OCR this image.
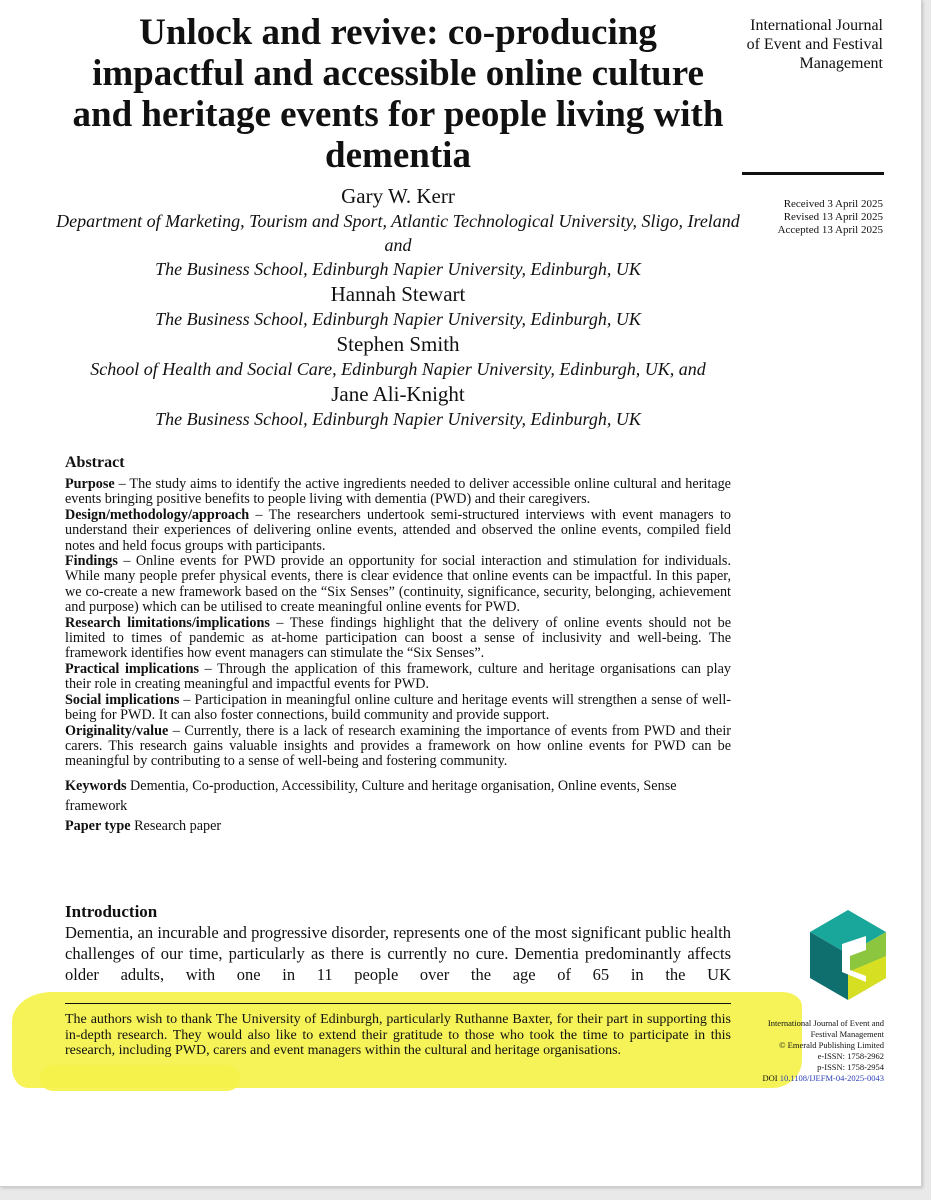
Unlock and revive: co-producing impactful and accessible online culture and heritage events for people living with dementia
International Journal of Event and Festival Management
Received 3 April 2025
Revised 13 April 2025
Accepted 13 April 2025
Gary W. Kerr
Department of Marketing, Tourism and Sport, Atlantic Technological University, Sligo, Ireland and
The Business School, Edinburgh Napier University, Edinburgh, UK
Hannah Stewart
The Business School, Edinburgh Napier University, Edinburgh, UK
Stephen Smith
School of Health and Social Care, Edinburgh Napier University, Edinburgh, UK, and
Jane Ali-Knight
The Business School, Edinburgh Napier University, Edinburgh, UK
Abstract

Purpose – The study aims to identify the active ingredients needed to deliver accessible online cultural and heritage events bringing positive benefits to people living with dementia (PWD) and their caregivers.

Design/methodology/approach – The researchers undertook semi-structured interviews with event managers to understand their experiences of delivering online events, attended and observed the online events, compiled field notes and held focus groups with participants.

Findings – Online events for PWD provide an opportunity for social interaction and stimulation for individuals. While many people prefer physical events, there is clear evidence that online events can be impactful. In this paper, we co-create a new framework based on the “Six Senses” (continuity, significance, security, belonging, achievement and purpose) which can be utilised to create meaningful online events for PWD.

Research limitations/implications – These findings highlight that the delivery of online events should not be limited to times of pandemic as at-home participation can boost a sense of inclusivity and well-being. The framework identifies how event managers can stimulate the “Six Senses”.

Practical implications – Through the application of this framework, culture and heritage organisations can play their role in creating meaningful and impactful events for PWD.

Social implications – Participation in meaningful online culture and heritage events will strengthen a sense of well-being for PWD. It can also foster connections, build community and provide support.

Originality/value – Currently, there is a lack of research examining the importance of events from PWD and their carers. This research gains valuable insights and provides a framework on how online events for PWD can be meaningful by contributing to a sense of well-being and fostering community.

Keywords Dementia, Co-production, Accessibility, Culture and heritage organisation, Online events, Sense framework

Paper type Research paper

Introduction

Dementia, an incurable and progressive disorder, represents one of the most significant public health challenges of our time, particularly as there is currently no cure. Dementia predominantly affects older adults, with one in 11 people over the age of 65 in the UK

The authors wish to thank The University of Edinburgh, particularly Ruthanne Baxter, for their part in supporting this in-depth research. They would also like to extend their gratitude to those who took the time to participate in this research, including PWD, carers and event managers within the cultural and heritage organisations.

International Journal of Event and Festival Management
© Emerald Publishing Limited
e-ISSN: 1758-2962
p-ISSN: 1758-2954
DOI 10.1108/IJEFM-04-2025-0043
